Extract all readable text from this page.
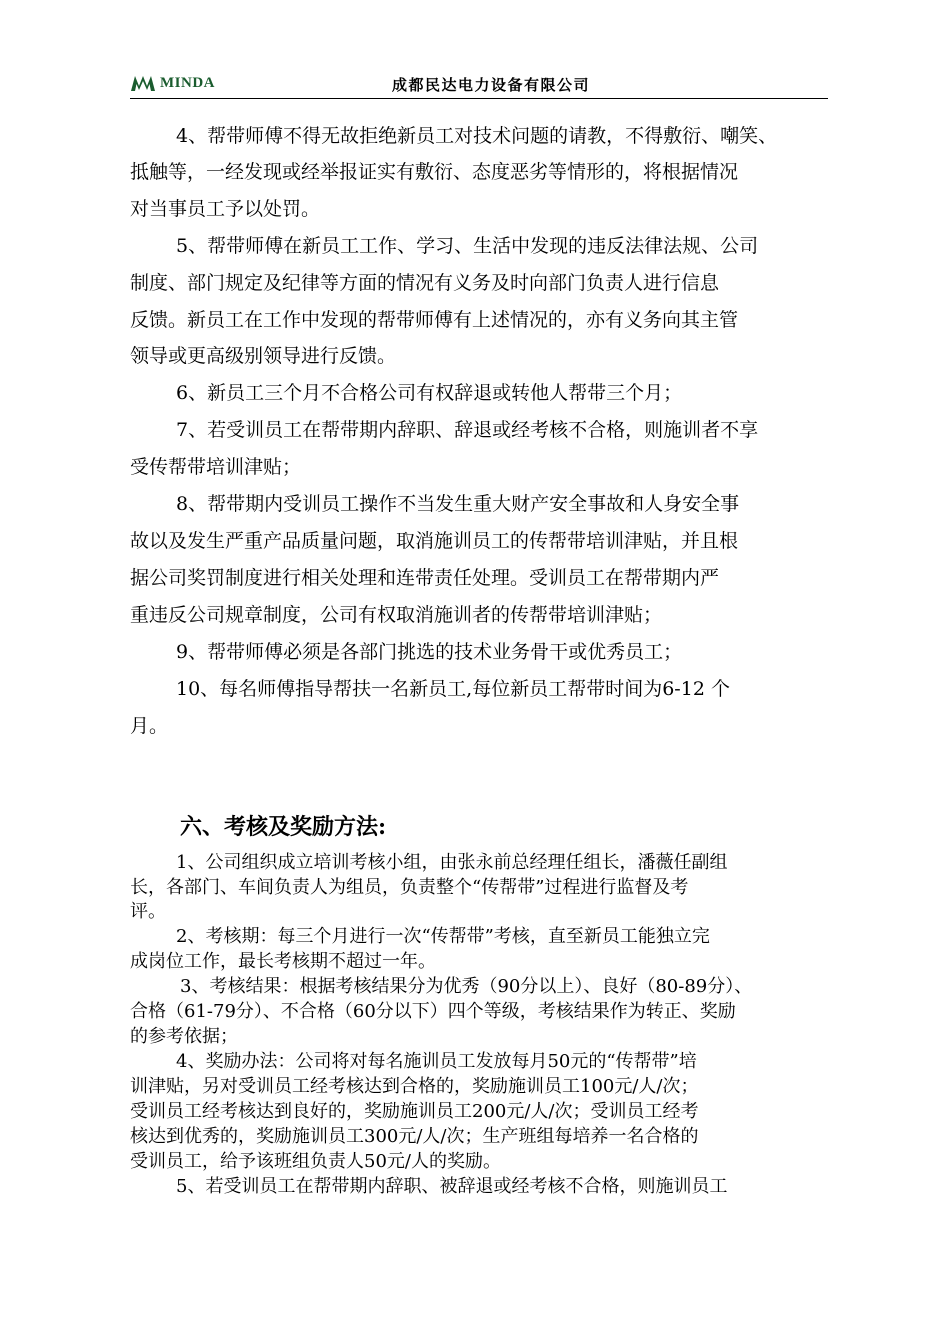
MINDA	成都民达电力设备有限公司
4、帮带师傅不得无故拒绝新员工对技术问题的请教，不得敷衍、嘲笑、
抵触等，一经发现或经举报证实有敷衍、态度恶劣等情形的，将根据情况
对当事员工予以处罚。
5、帮带师傅在新员工工作、学习、生活中发现的违反法律法规、公司
制度、部门规定及纪律等方面的情况有义务及时向部门负责人进行信息
反馈。新员工在工作中发现的帮带师傅有上述情况的，亦有义务向其主管
领导或更高级别领导进行反馈。
6、新员工三个月不合格公司有权辞退或转他人帮带三个月；
7、若受训员工在帮带期内辞职、辞退或经考核不合格，则施训者不享
受传帮带培训津贴；
8、帮带期内受训员工操作不当发生重大财产安全事故和人身安全事
故以及发生严重产品质量问题，取消施训员工的传帮带培训津贴，并且根
据公司奖罚制度进行相关处理和连带责任处理。受训员工在帮带期内严
重违反公司规章制度，公司有权取消施训者的传帮带培训津贴；
9、帮带师傅必须是各部门挑选的技术业务骨干或优秀员工；
10、每名师傅指导帮扶一名新员工,每位新员工帮带时间为6-12 个
月。
六、考核及奖励方法:
1、公司组织成立培训考核小组，由张永前总经理任组长，潘薇任副组
长，各部门、车间负责人为组员，负责整个“传帮带”过程进行监督及考
评。
2、考核期：每三个月进行一次“传帮带”考核，直至新员工能独立完
成岗位工作，最长考核期不超过一年。
3、考核结果：根据考核结果分为优秀（90分以上）、良好（80-89分）、
合格（61-79分）、不合格（60分以下）四个等级，考核结果作为转正、奖励
的参考依据；
4、奖励办法：公司将对每名施训员工发放每月50元的“传帮带”培
训津贴，另对受训员工经考核达到合格的，奖励施训员工100元/人/次；
受训员工经考核达到良好的，奖励施训员工200元/人/次；受训员工经考
核达到优秀的，奖励施训员工300元/人/次；生产班组每培养一名合格的
受训员工，给予该班组负责人50元/人的奖励。
5、若受训员工在帮带期内辞职、被辞退或经考核不合格，则施训员工
